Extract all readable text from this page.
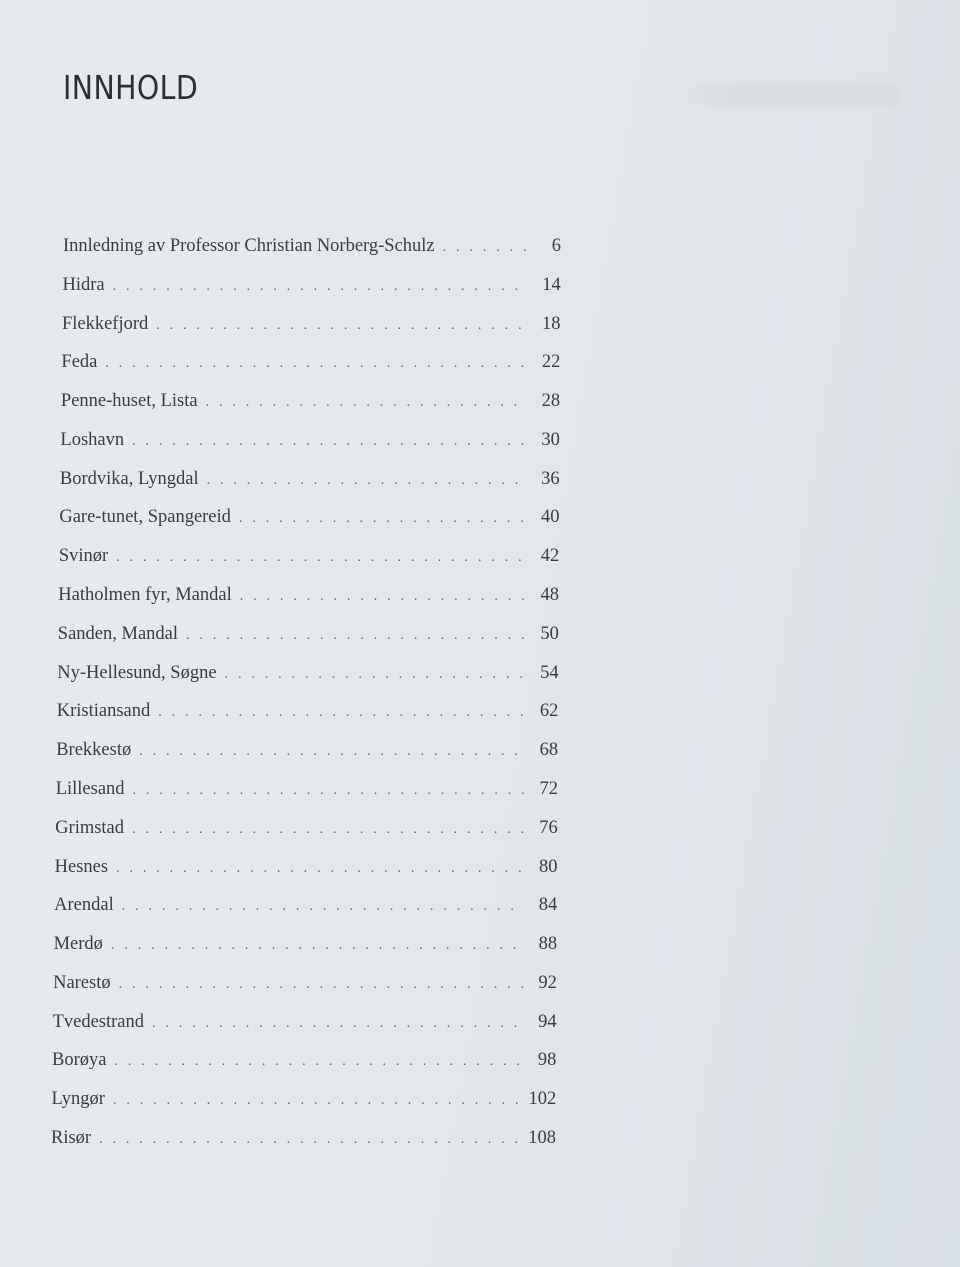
INNHOLD
Innledning av Professor Christian Norberg-Schulz . . .	6
Hidra . . .	14
Flekkefjord . . .	18
Feda . . .	22
Penne-huset, Lista . . .	28
Loshavn . . .	30
Bordvika, Lyngdal . . .	36
Gare-tunet, Spangereid . . .	40
Svinør . . .	42
Hatholmen fyr, Mandal . . .	48
Sanden, Mandal . . .	50
Ny-Hellesund, Søgne . . .	54
Kristiansand . . .	62
Brekkestø . . .	68
Lillesand . . .	72
Grimstad . . .	76
Hesnes . . .	80
Arendal . . .	84
Merdø . . .	88
Narestø . . .	92
Tvedestrand . . .	94
Borøya . . .	98
Lyngør . . .	102
Risør . . .	108
